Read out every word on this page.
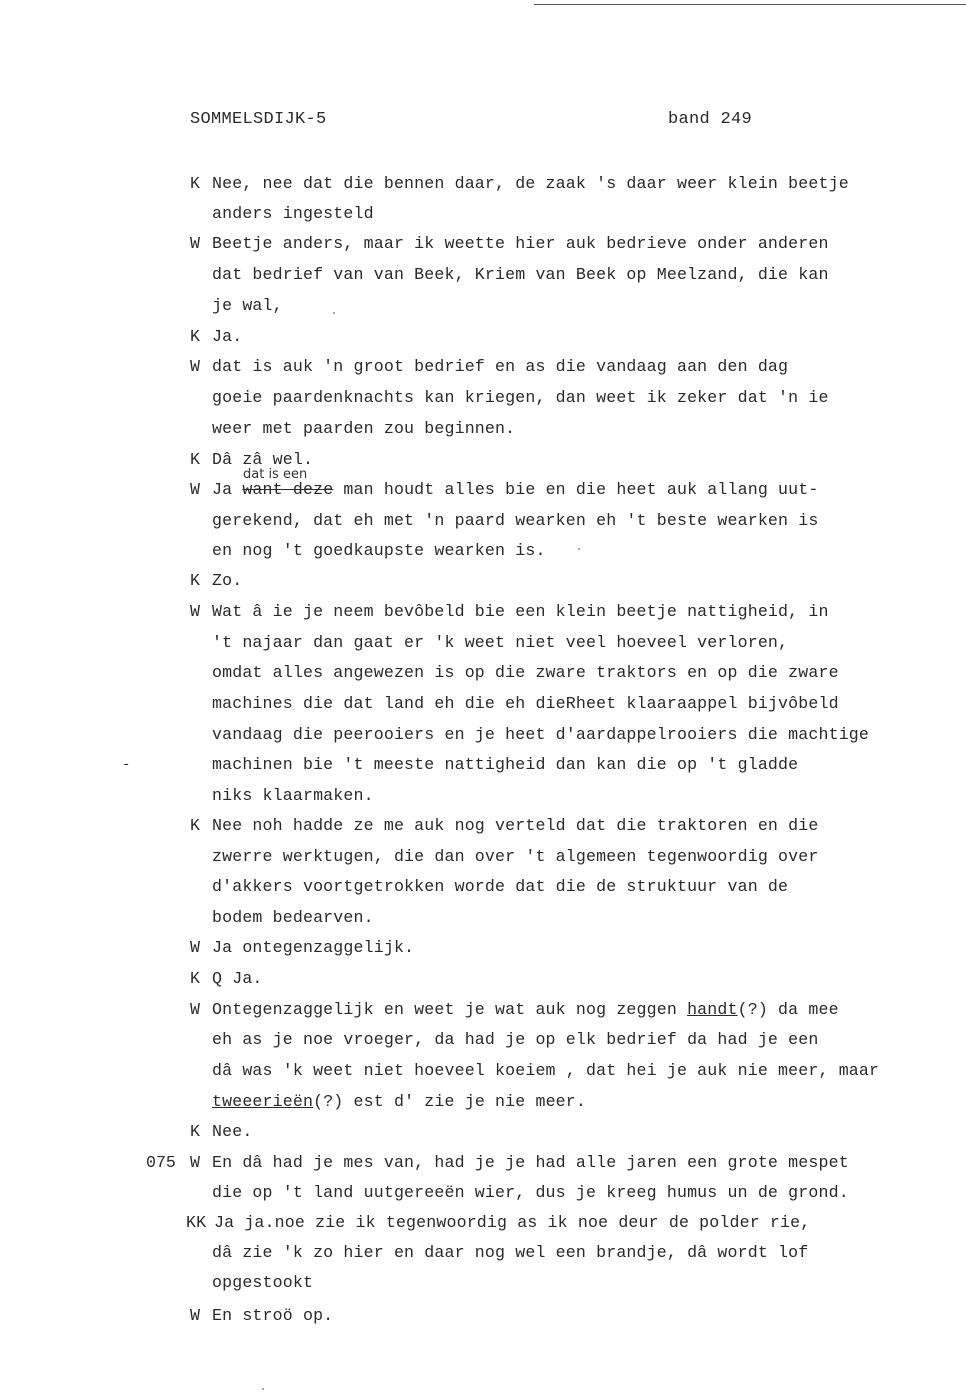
SOMMELSDIJK-5	band 249
K Nee, nee dat die bennen daar, de zaak 's daar weer klein beetje
anders ingesteld
W Beetje anders, maar ik weette hier auk bedrieve onder anderen
dat bedrief van van Beek, Kriem van Beek op Meelzand, die kan
je wal,
K Ja.
W dat is auk 'n groot bedrief en as die vandaag aan den dag
goeie paardenknachts kan kriegen, dan weet ik zeker dat 'n ie
weer met paarden zou beginnen.
K Dâ zâ wel.
dat is een
W Ja want deze man houdt alles bie en die heet auk allang uut-
gerekend, dat eh met 'n paard wearken eh 't beste wearken is
en nog 't goedkaupste wearken is.
K Zo.
W Wat â ie je neem bevôbeld bie een klein beetje nattigheid, in
't najaar dan gaat er 'k weet niet veel hoeveel verloren,
omdat alles angewezen is op die zware traktors en op die zware
machines die dat land eh die eh dieRheet klaaraappel bijvôbeld
vandaag die peerooiers en je heet d'aardappelrooiers die machtige
machinen bie 't meeste nattigheid dan kan die op 't gladde
niks klaarmaken.
-
K Nee noh hadde ze me auk nog verteld dat die traktoren en die
zwerre werktugen, die dan over 't algemeen tegenwoordig over
d'akkers voortgetrokken worde dat die de struktuur van de
bodem bedearven.
W Ja ontegenzaggelijk.
K Q Ja.
W Ontegenzaggelijk en weet je wat auk nog zeggen handt(?) da mee
eh as je noe vroeger, da had je op elk bedrief da had je een
dâ was 'k weet niet hoeveel koeiem , dat hei je auk nie meer, maar
tweeerieën(?) est d' zie je nie meer.
K Nee.
075 W En dâ had je mes van, had je je had alle jaren een grote mespet
die op 't land uutgereeën wier, dus je kreeg humus un de grond.
KK Ja ja.noe zie ik tegenwoordig as ik noe deur de polder rie,
dâ zie 'k zo hier en daar nog wel een brandje, dâ wordt lof
opgestookt
W En stroö op.
